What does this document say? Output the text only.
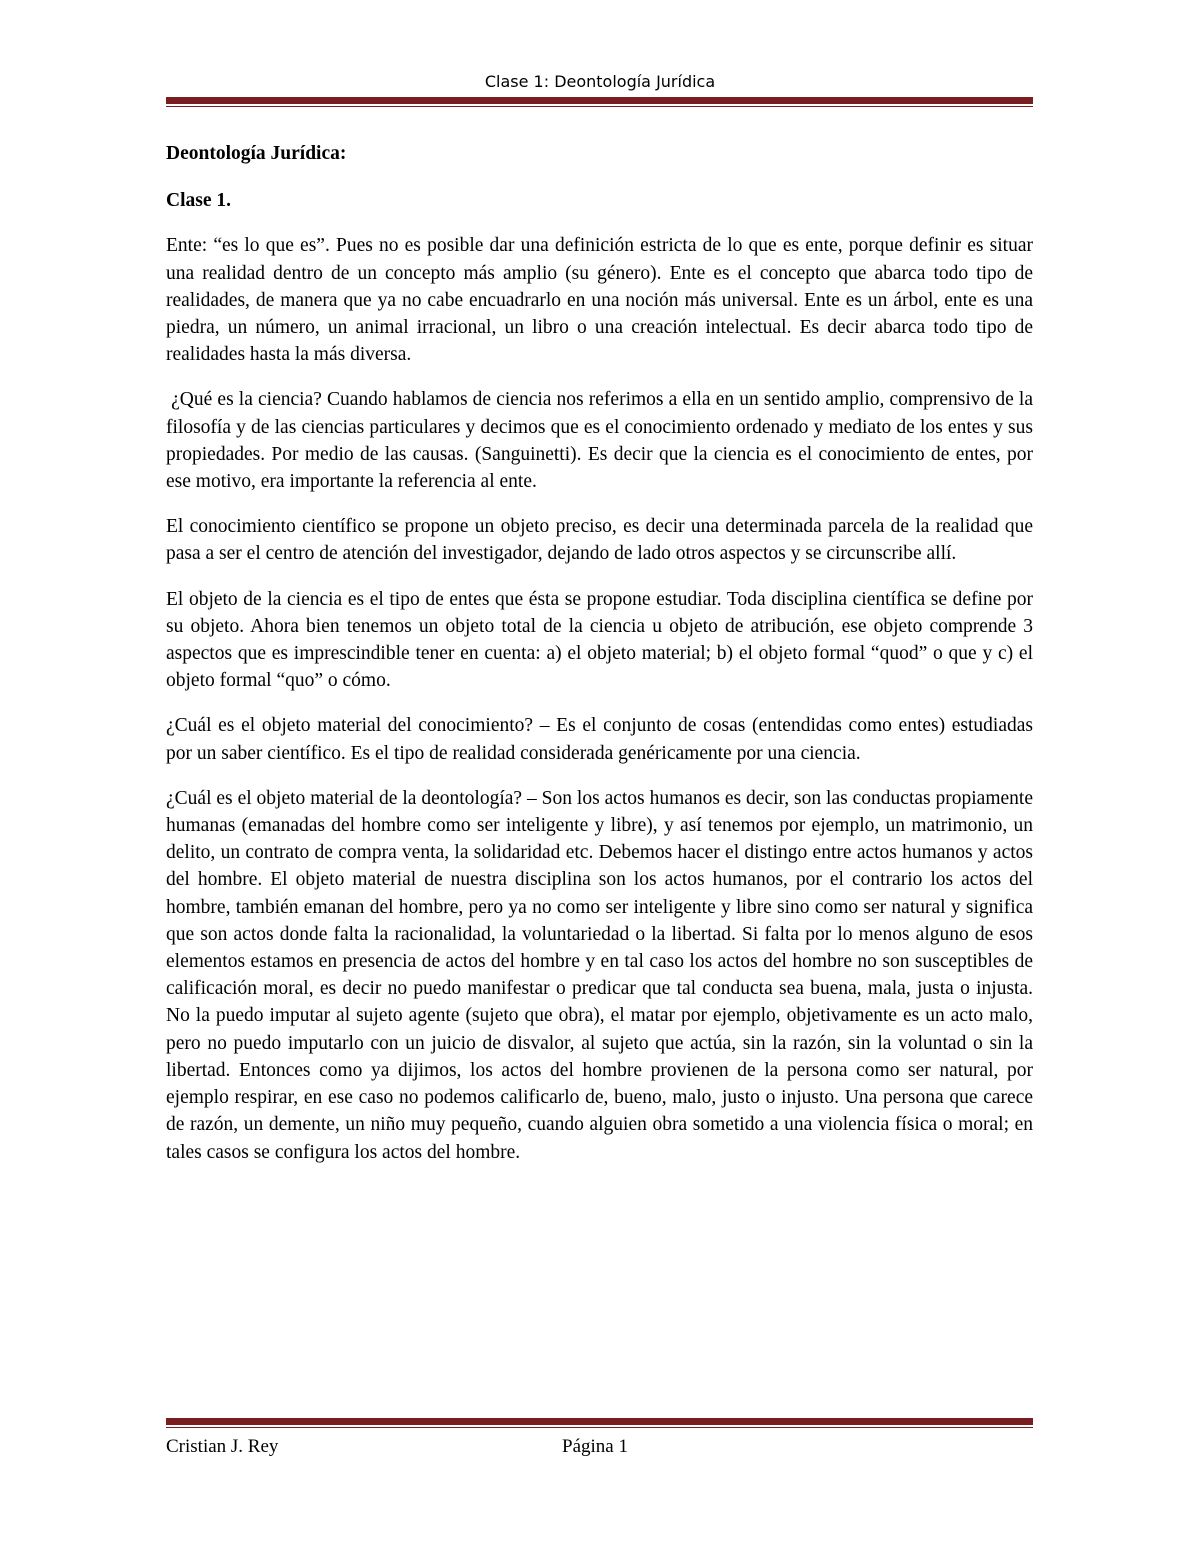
Clase 1: Deontología Jurídica
Deontología Jurídica:
Clase 1.

Ente: “es lo que es”. Pues no es posible dar una definición estricta de lo que es ente, porque definir es situar una realidad dentro de un concepto más amplio (su género). Ente es el concepto que abarca todo tipo de realidades, de manera que ya no cabe encuadrarlo en una noción más universal. Ente es un árbol, ente es una piedra, un número, un animal irracional, un libro o una creación intelectual. Es decir abarca todo tipo de realidades hasta la más diversa.

¿Qué es la ciencia? Cuando hablamos de ciencia nos referimos a ella en un sentido amplio, comprensivo de la filosofía y de las ciencias particulares y decimos que es el conocimiento ordenado y mediato de los entes y sus propiedades. Por medio de las causas. (Sanguinetti). Es decir que la ciencia es el conocimiento de entes, por ese motivo, era importante la referencia al ente.

El conocimiento científico se propone un objeto preciso, es decir una determinada parcela de la realidad que pasa a ser el centro de atención del investigador, dejando de lado otros aspectos y se circunscribe allí.

El objeto de la ciencia es el tipo de entes que ésta se propone estudiar. Toda disciplina científica se define por su objeto. Ahora bien tenemos un objeto total de la ciencia u objeto de atribución, ese objeto comprende 3 aspectos que es imprescindible tener en cuenta: a) el objeto material; b) el objeto formal “quod” o que y c) el objeto formal “quo” o cómo.

¿Cuál es el objeto material del conocimiento? – Es el conjunto de cosas (entendidas como entes) estudiadas por un saber científico. Es el tipo de realidad considerada genéricamente por una ciencia.

¿Cuál es el objeto material de la deontología? – Son los actos humanos es decir, son las conductas propiamente humanas (emanadas del hombre como ser inteligente y libre), y así tenemos por ejemplo, un matrimonio, un delito, un contrato de compra venta, la solidaridad etc. Debemos hacer el distingo entre actos humanos y actos del hombre. El objeto material de nuestra disciplina son los actos humanos, por el contrario los actos del hombre, también emanan del hombre, pero ya no como ser inteligente y libre sino como ser natural y significa que son actos donde falta la racionalidad, la voluntariedad o la libertad. Si falta por lo menos alguno de esos elementos estamos en presencia de actos del hombre y en tal caso los actos del hombre no son susceptibles de calificación moral, es decir no puedo manifestar o predicar que tal conducta sea buena, mala, justa o injusta. No la puedo imputar al sujeto agente (sujeto que obra), el matar por ejemplo, objetivamente es un acto malo, pero no puedo imputarlo con un juicio de disvalor, al sujeto que actúa, sin la razón, sin la voluntad o sin la libertad. Entonces como ya dijimos, los actos del hombre provienen de la persona como ser natural, por ejemplo respirar, en ese caso no podemos calificarlo de, bueno, malo, justo o injusto. Una persona que carece de razón, un demente, un niño muy pequeño, cuando alguien obra sometido a una violencia física o moral; en tales casos se configura los actos del hombre.

Cristian J. Rey	Página 1
